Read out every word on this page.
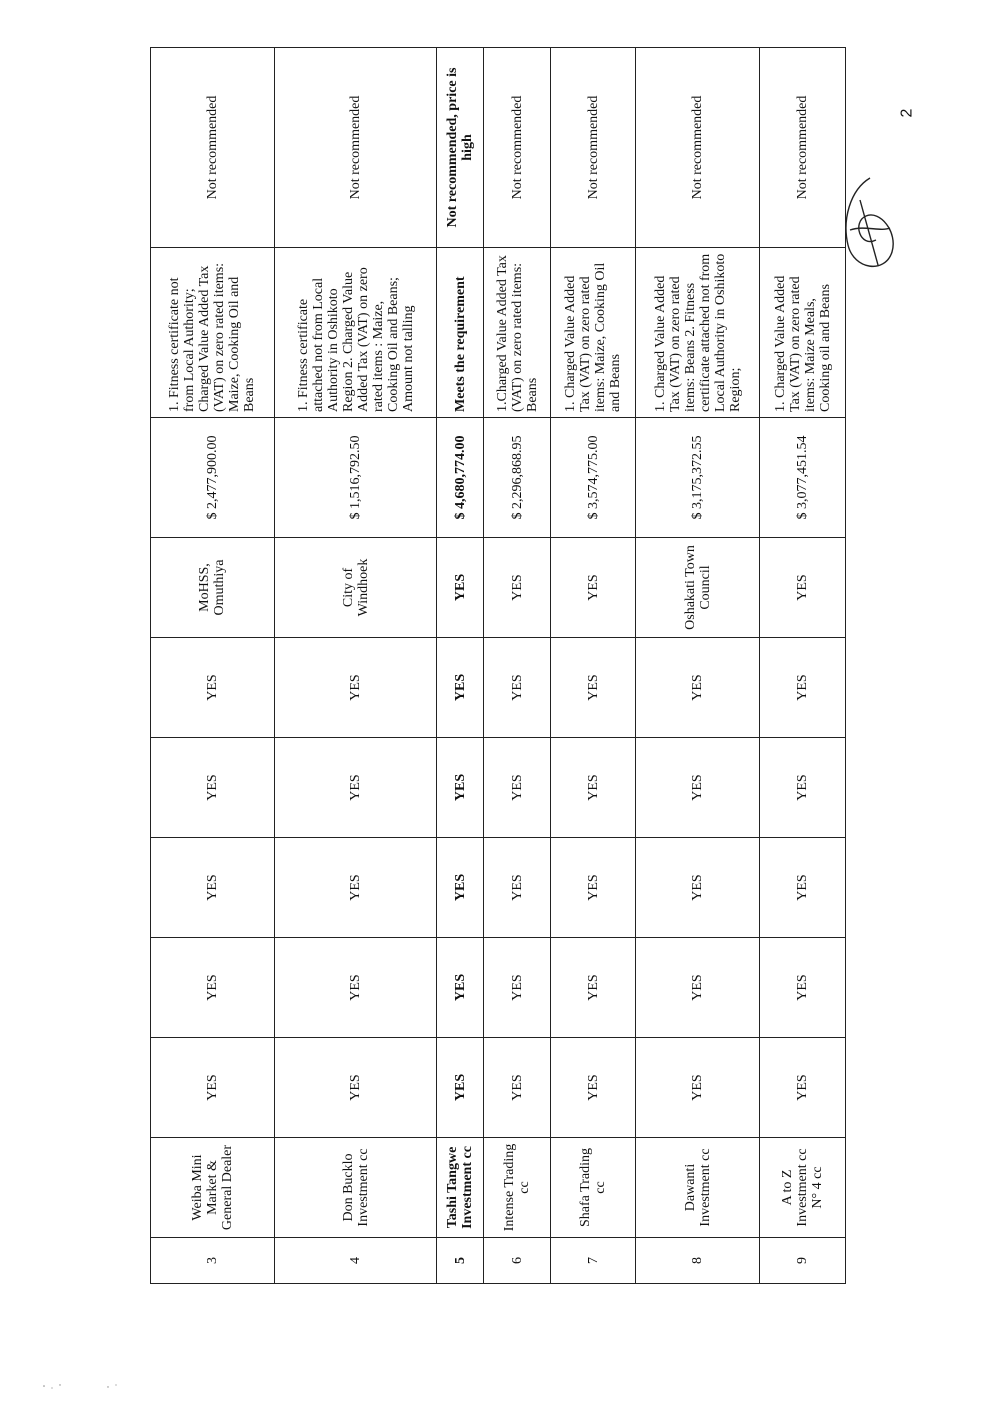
3	Weiba Mini Market & General Dealer	YES	YES	YES	YES	YES	MoHSS, Omuthiya	$ 2,477,900.00	1. Fitness certificate not from Local Authority; Charged Value Added Tax (VAT) on zero rated items: Maize, Cooking Oil and Beans	Not recommended
4	Don Bucklo Investment cc	YES	YES	YES	YES	YES	City of Windhoek	$ 1,516,792.50	1. Fitness certificate attached not from Local Authority in Oshikoto Region 2. Charged Value Added Tax (VAT) on zero rated items : Maize, Cooking Oil and Beans; Amount not talling	Not recommended
5	Tashi Tangwe Investment cc	YES	YES	YES	YES	YES	YES	$ 4,680,774.00	Meets the requirement	Not recommended, price is high
6	Intense Trading cc	YES	YES	YES	YES	YES	YES	$ 2,296,868.95	1.Charged Value Added Tax (VAT) on zero rated items: Beans	Not recommended
7	Shafa Trading cc	YES	YES	YES	YES	YES	YES	$ 3,574,775.00	1. Charged Value Added Tax (VAT) on zero rated items: Maize, Cooking Oil and Beans	Not recommended
8	Dawanti Investment cc	YES	YES	YES	YES	YES	Oshakati Town Council	$ 3,175,372.55	1. Charged Value Added Tax (VAT) on zero rated items: Beans 2. Fitness certificate attached not from Local Authority in Oshikoto Region;	Not recommended
9	A to Z Investment cc N° 4 cc	YES	YES	YES	YES	YES	YES	$ 3,077,451.54	1. Charged Value Added Tax (VAT) on zero rated items: Maize Meals, Cooking oil and Beans	Not recommended	2
